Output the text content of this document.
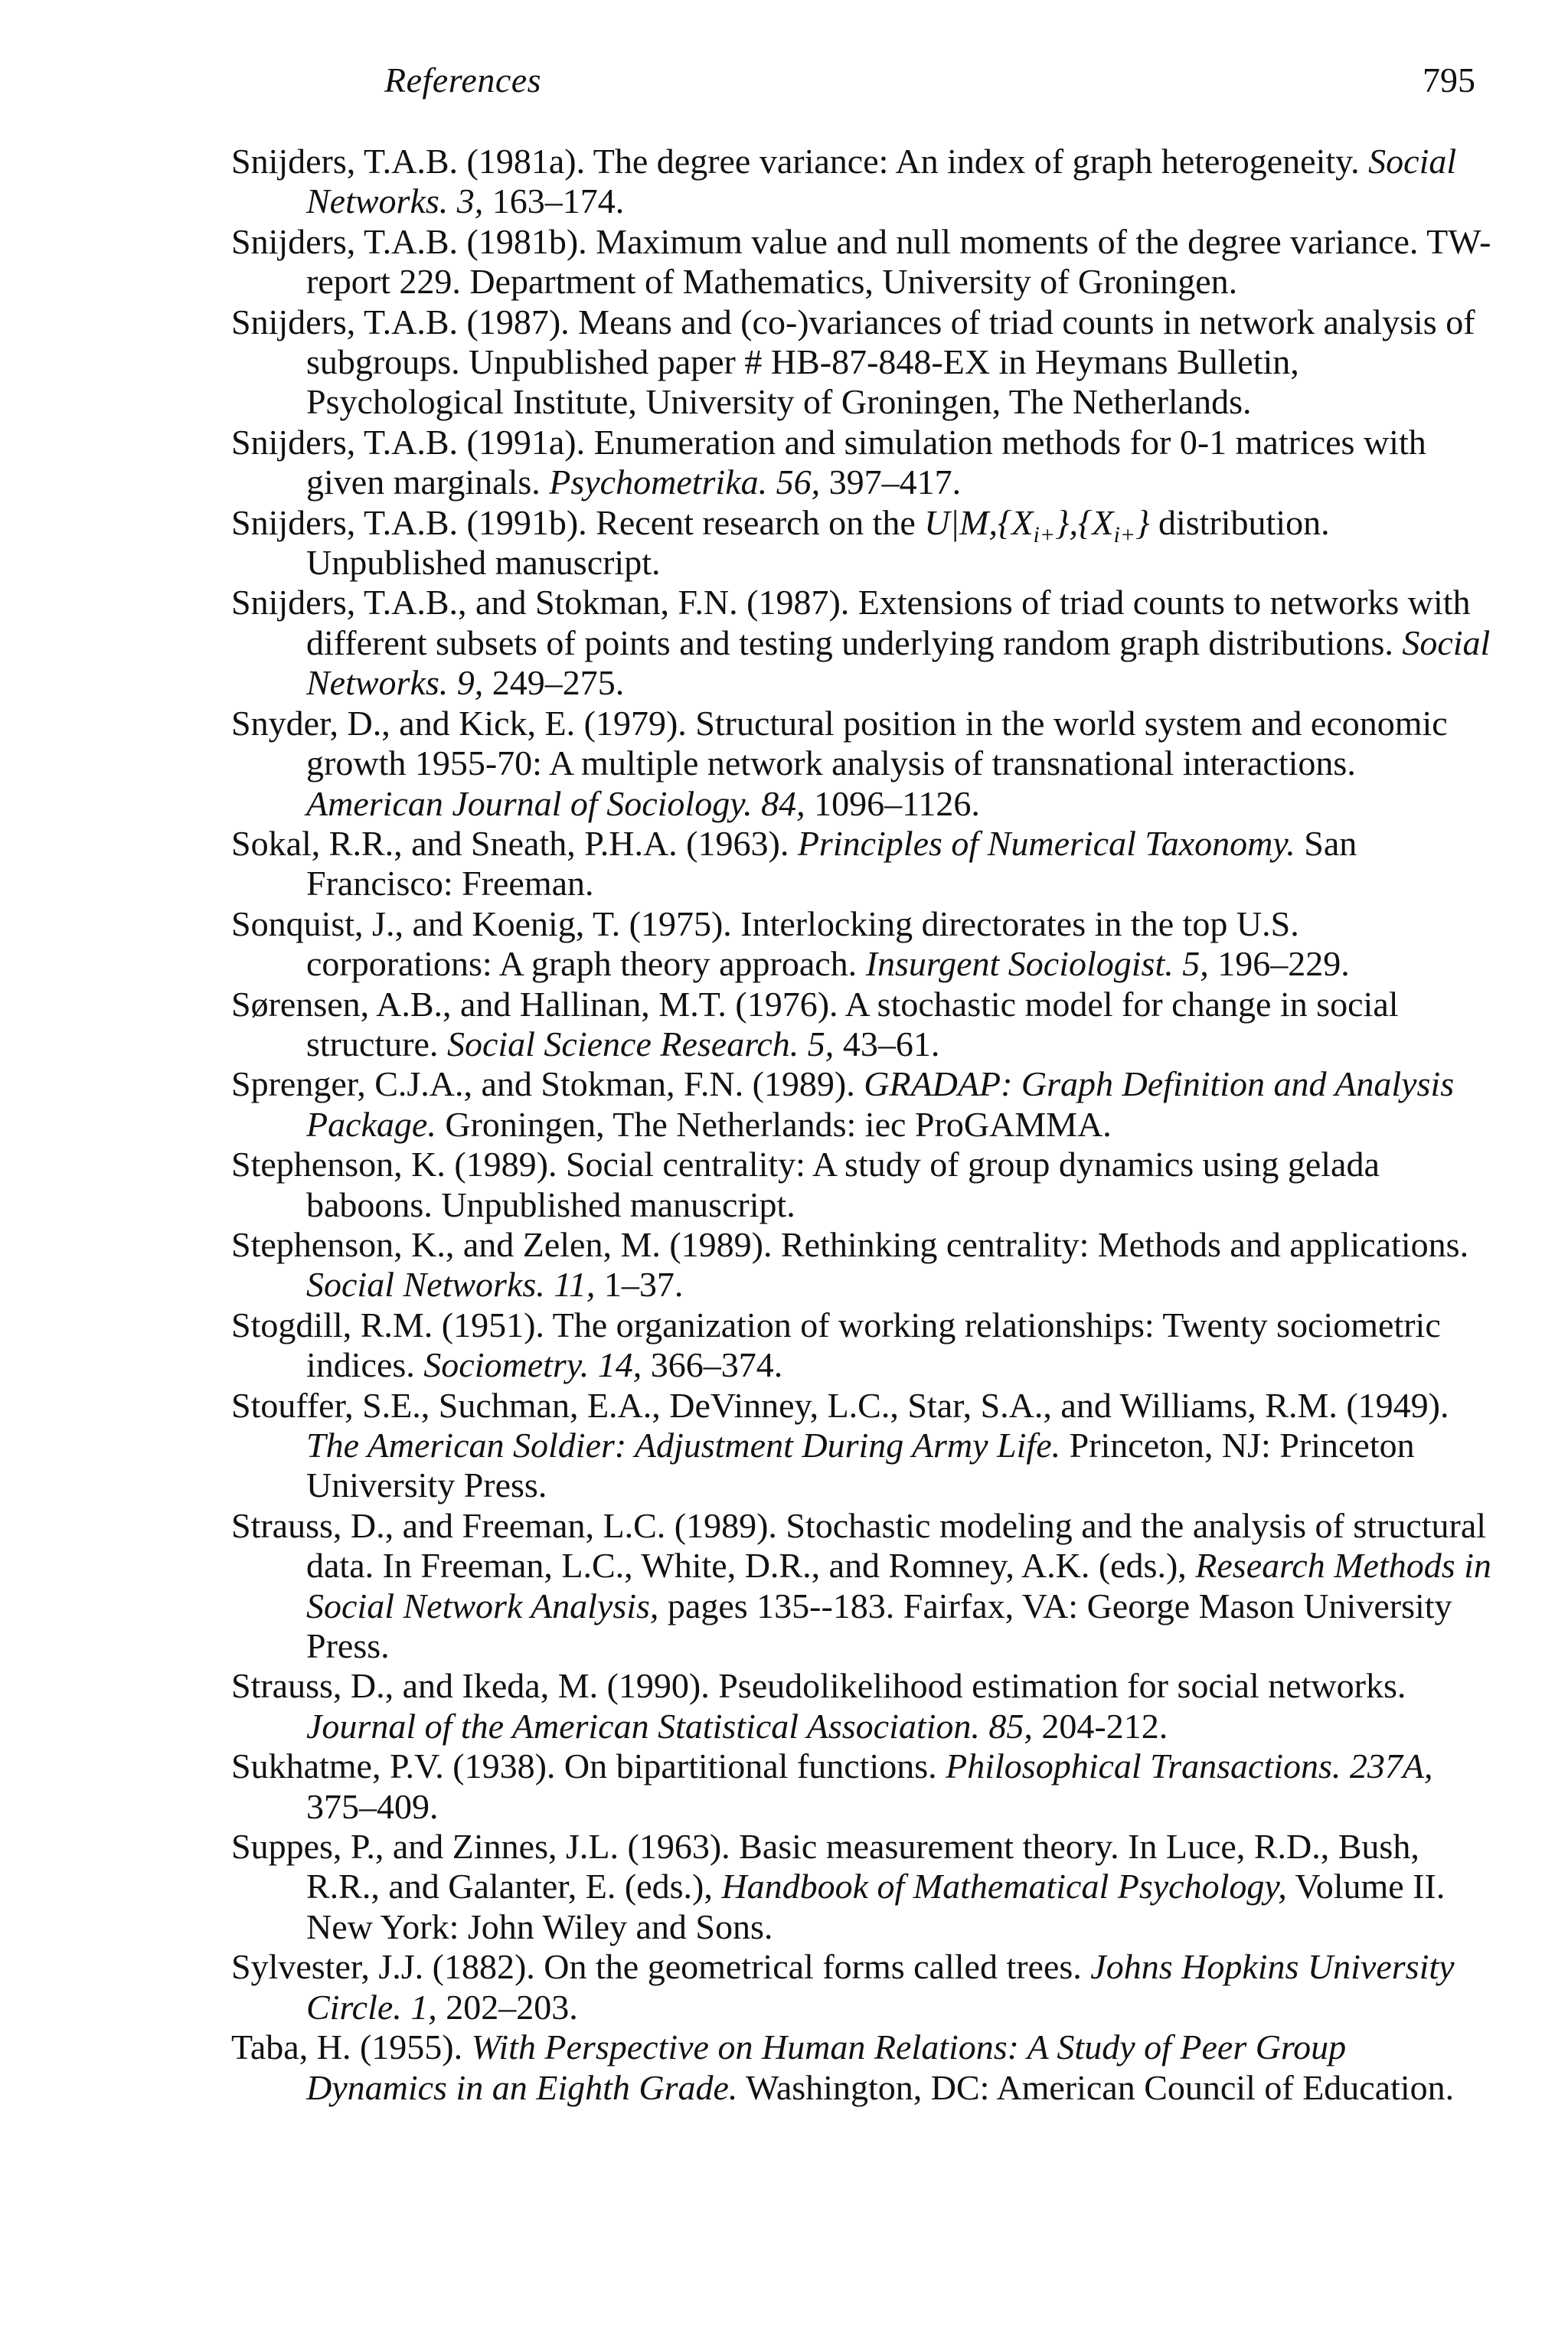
References	795
Snijders, T.A.B. (1981a). The degree variance: An index of graph heterogeneity. Social Networks. 3, 163–174.
Snijders, T.A.B. (1981b). Maximum value and null moments of the degree variance. TW-report 229. Department of Mathematics, University of Groningen.
Snijders, T.A.B. (1987). Means and (co-)variances of triad counts in network analysis of subgroups. Unpublished paper # HB-87-848-EX in Heymans Bulletin, Psychological Institute, University of Groningen, The Netherlands.
Snijders, T.A.B. (1991a). Enumeration and simulation methods for 0-1 matrices with given marginals. Psychometrika. 56, 397–417.
Snijders, T.A.B. (1991b). Recent research on the $U|M,\{X_{i+}\},\{X_{i+}\}$ distribution. Unpublished manuscript.
Snijders, T.A.B., and Stokman, F.N. (1987). Extensions of triad counts to networks with different subsets of points and testing underlying random graph distributions. Social Networks. 9, 249–275.
Snyder, D., and Kick, E. (1979). Structural position in the world system and economic growth 1955-70: A multiple network analysis of transnational interactions. American Journal of Sociology. 84, 1096–1126.
Sokal, R.R., and Sneath, P.H.A. (1963). Principles of Numerical Taxonomy. San Francisco: Freeman.
Sonquist, J., and Koenig, T. (1975). Interlocking directorates in the top U.S. corporations: A graph theory approach. Insurgent Sociologist. 5, 196–229.
Sørensen, A.B., and Hallinan, M.T. (1976). A stochastic model for change in social structure. Social Science Research. 5, 43–61.
Sprenger, C.J.A., and Stokman, F.N. (1989). GRADAP: Graph Definition and Analysis Package. Groningen, The Netherlands: iec ProGAMMA.
Stephenson, K. (1989). Social centrality: A study of group dynamics using gelada baboons. Unpublished manuscript.
Stephenson, K., and Zelen, M. (1989). Rethinking centrality: Methods and applications. Social Networks. 11, 1–37.
Stogdill, R.M. (1951). The organization of working relationships: Twenty sociometric indices. Sociometry. 14, 366–374.
Stouffer, S.E., Suchman, E.A., DeVinney, L.C., Star, S.A., and Williams, R.M. (1949). The American Soldier: Adjustment During Army Life. Princeton, NJ: Princeton University Press.
Strauss, D., and Freeman, L.C. (1989). Stochastic modeling and the analysis of structural data. In Freeman, L.C., White, D.R., and Romney, A.K. (eds.), Research Methods in Social Network Analysis, pages 135--183. Fairfax, VA: George Mason University Press.
Strauss, D., and Ikeda, M. (1990). Pseudolikelihood estimation for social networks. Journal of the American Statistical Association. 85, 204-212.
Sukhatme, P.V. (1938). On bipartitional functions. Philosophical Transactions. 237A, 375–409.
Suppes, P., and Zinnes, J.L. (1963). Basic measurement theory. In Luce, R.D., Bush, R.R., and Galanter, E. (eds.), Handbook of Mathematical Psychology, Volume II. New York: John Wiley and Sons.
Sylvester, J.J. (1882). On the geometrical forms called trees. Johns Hopkins University Circle. 1, 202–203.
Taba, H. (1955). With Perspective on Human Relations: A Study of Peer Group Dynamics in an Eighth Grade. Washington, DC: American Council of Education.
